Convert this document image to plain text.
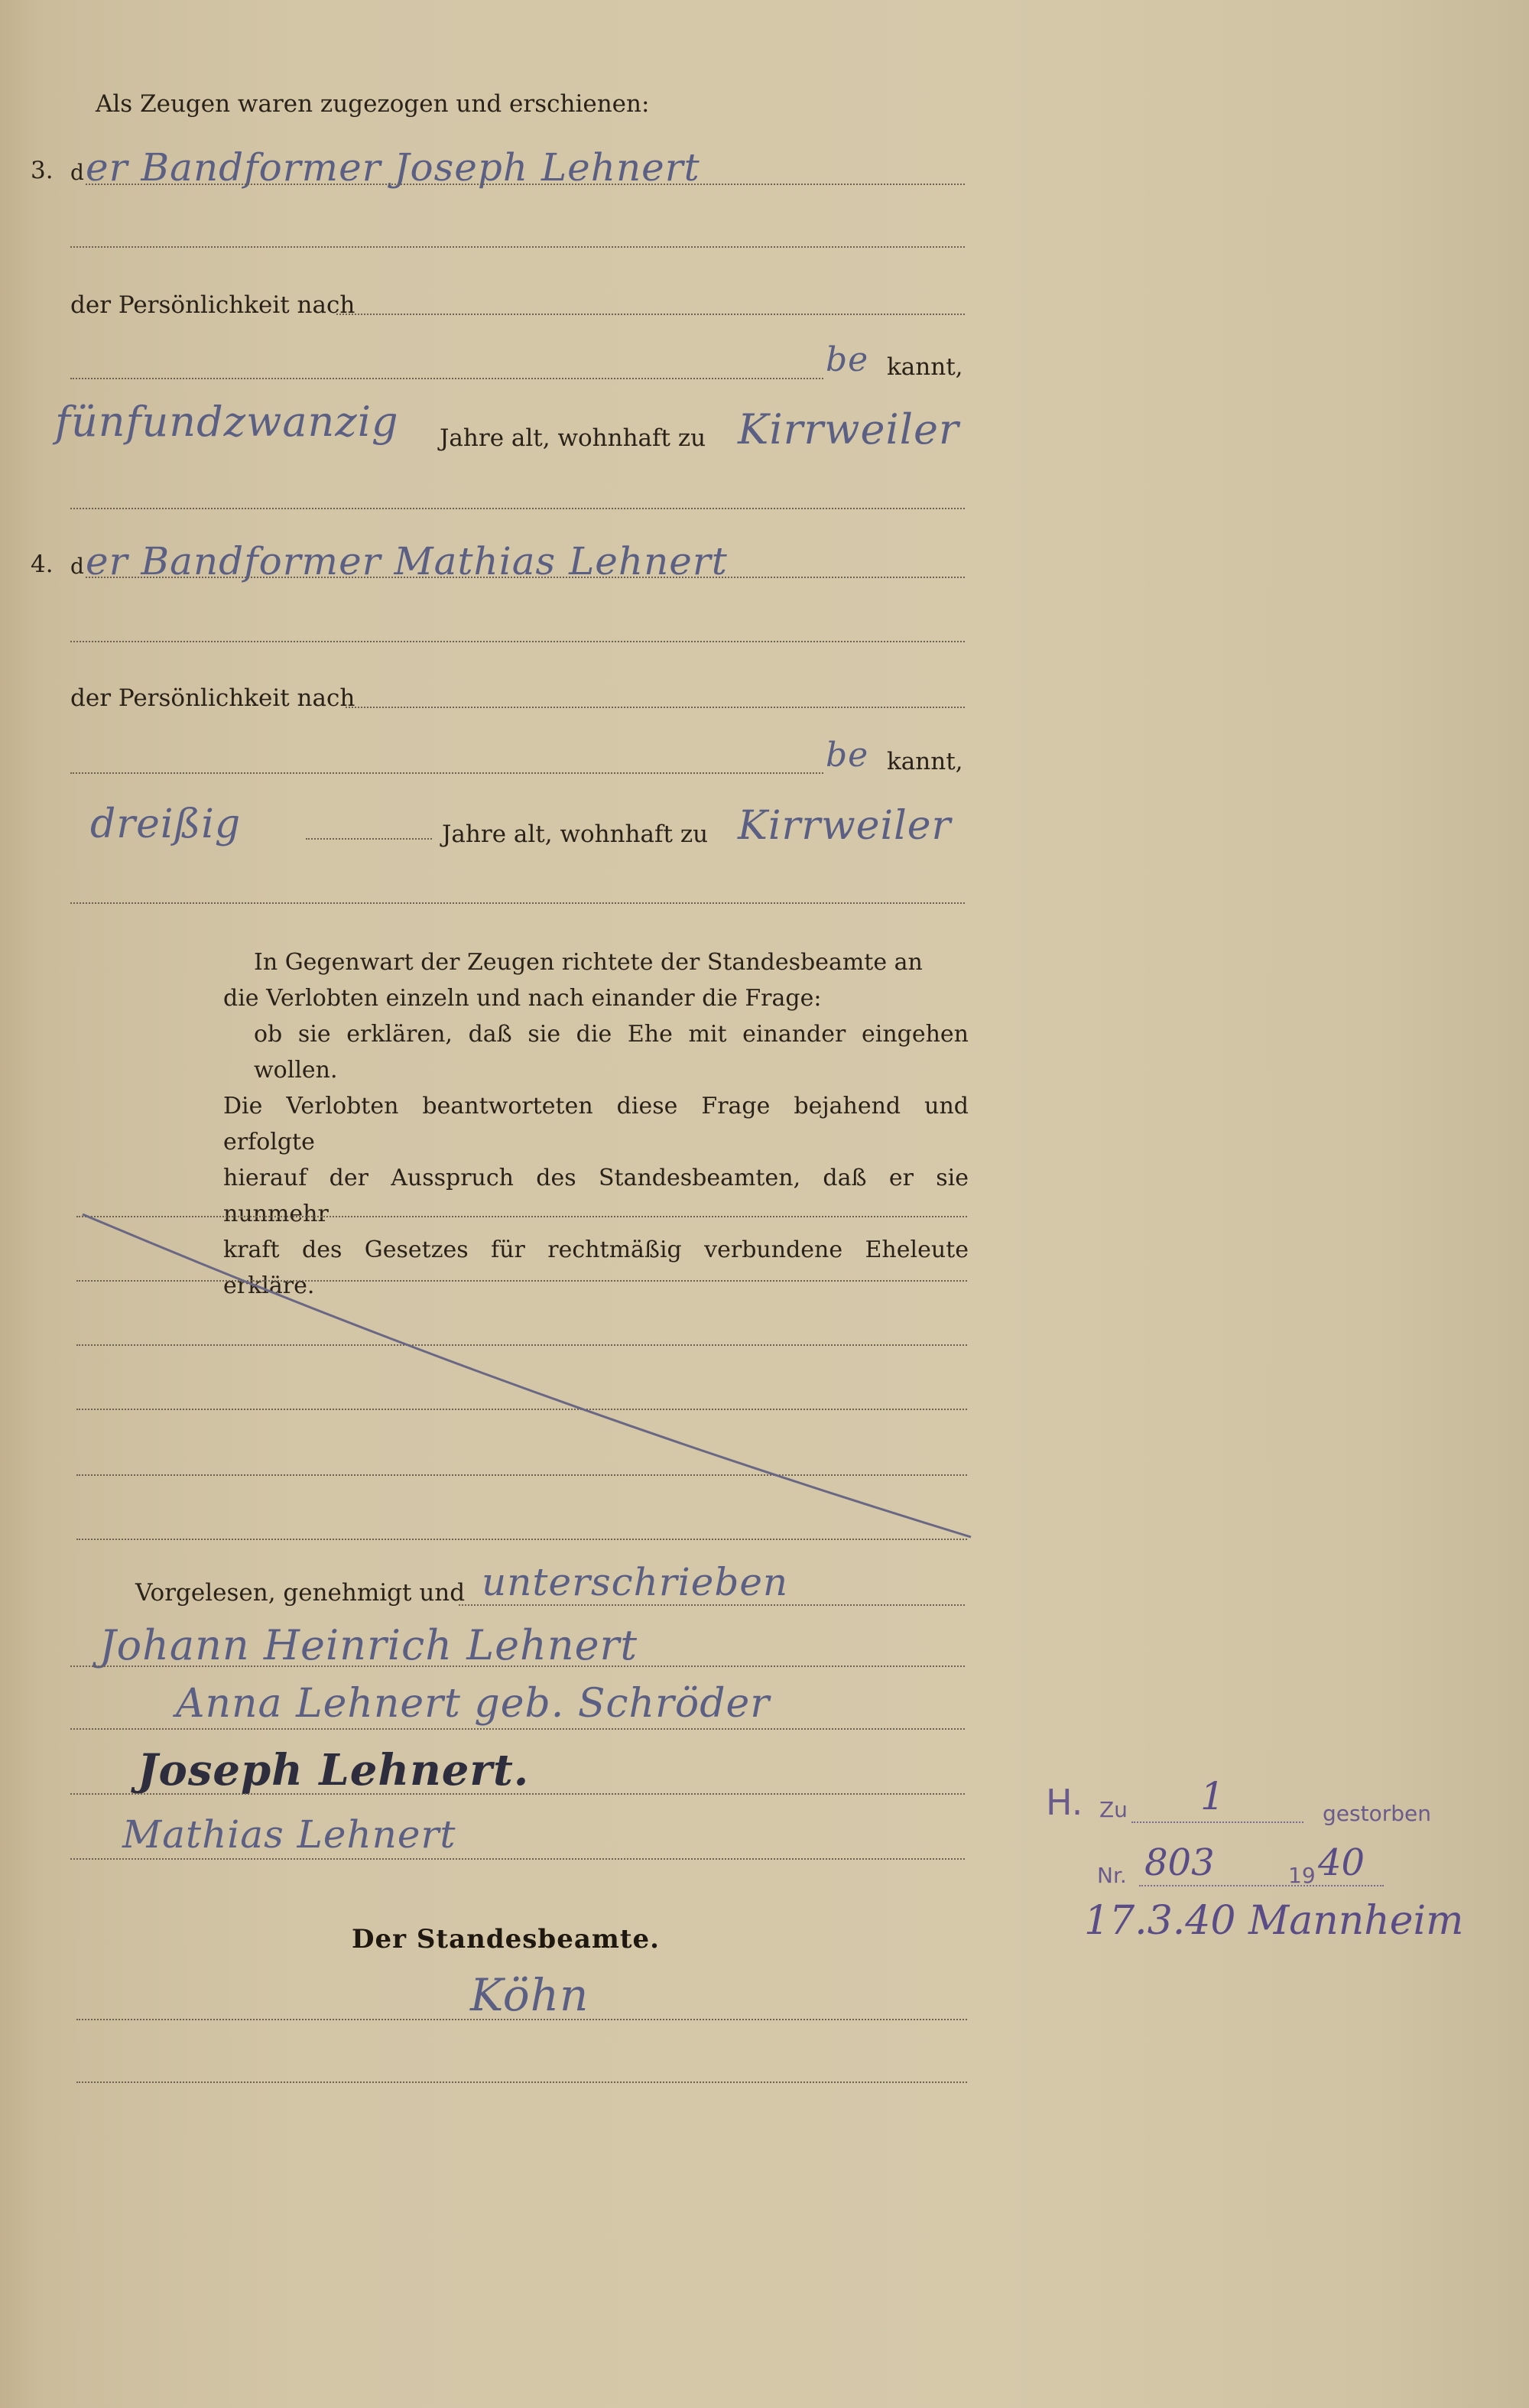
Als Zeugen waren zugezogen und erschienen:
3. d er Bandformer Joseph Lehnert
der Persönlichkeit nach
be kannt,
fünfundzwanzig Jahre alt, wohnhaft zu Kirrweiler
4. d er Bandformer Mathias Lehnert
der Persönlichkeit nach
be kannt,
dreißig	Jahre alt, wohnhaft zu Kirrweiler

In Gegenwart der Zeugen richtete der Standesbeamte an

die Verlobten einzeln und nach einander die Frage:

ob sie erklären, daß sie die Ehe mit einander eingehen wollen.

Die Verlobten beantworteten diese Frage bejahend und erfolgte

hierauf der Ausspruch des Standesbeamten, daß er sie nunmehr

kraft des Gesetzes für rechtmäßig verbundene Eheleute erkläre.

Vorgelesen, genehmigt und unterschrieben
Johann Heinrich Lehnert
Anna Lehnert geb. Schröder
Joseph Lehnert.
Mathias Lehnert
Der Standesbeamte.
Köhn
H. Zu 1	gestorben
Nr. 803	19 40
17.3.40 Mannheim
